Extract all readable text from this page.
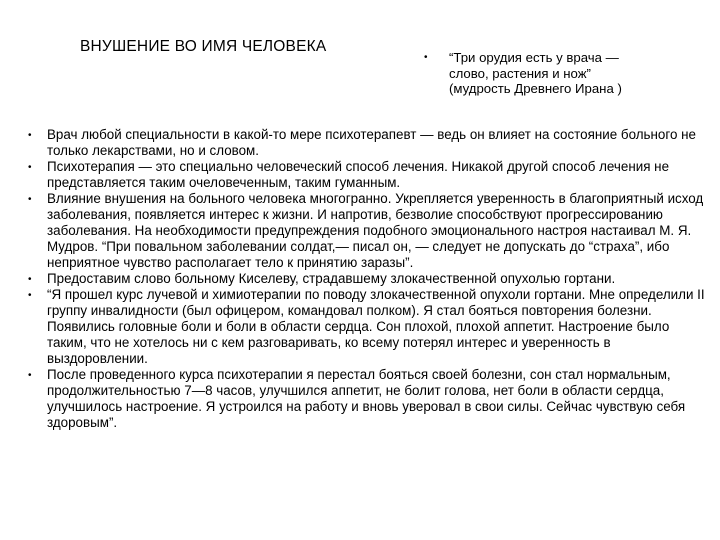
ВНУШЕНИЕ ВО ИМЯ ЧЕЛОВЕКА
• “Три орудия есть у врача —
слово, растения и нож”
(мудрость Древнего Ирана )
• Врач любой специальности в какой-то мере психотерапевт — ведь он влияет на состояние больного не только лекарствами, но и словом.
• Психотерапия — это специально человеческий способ лечения. Никакой другой способ лечения не представляется таким очеловеченным, таким гуманным.
• Влияние внушения на больного человека многогранно. Укрепляется уверенность в благоприятный исход заболевания, появляется интерес к жизни. И напротив, безволие способствуют прогрессированию заболевания. На необходимости предупреждения подобного эмоционального настроя настаивал М. Я. Мудров. “При повальном заболевании солдат,— писал он, — следует не допускать до “страха”, ибо неприятное чувство располагает тело к принятию заразы”.
• Предоставим слово больному Киселеву, страдавшему злокачественной опухолью гортани.
• “Я прошел курс лучевой и химиотерапии по поводу злокачественной опухоли гортани. Мне определили II группу инвалидности (был офицером, командовал полком). Я стал бояться повторения болезни. Появились головные боли и боли в области сердца. Сон плохой, плохой аппетит. Настроение было таким, что не хотелось ни с кем разговаривать, ко всему потерял интерес и уверенность в выздоровлении.
• После проведенного курса психотерапии я перестал бояться своей болезни, сон стал нормальным, продолжительностью 7—8 часов, улучшился аппетит, не болит голова, нет боли в области сердца, улучшилось настроение. Я устроился на работу и вновь уверовал в свои силы. Сейчас чувствую себя здоровым”.
